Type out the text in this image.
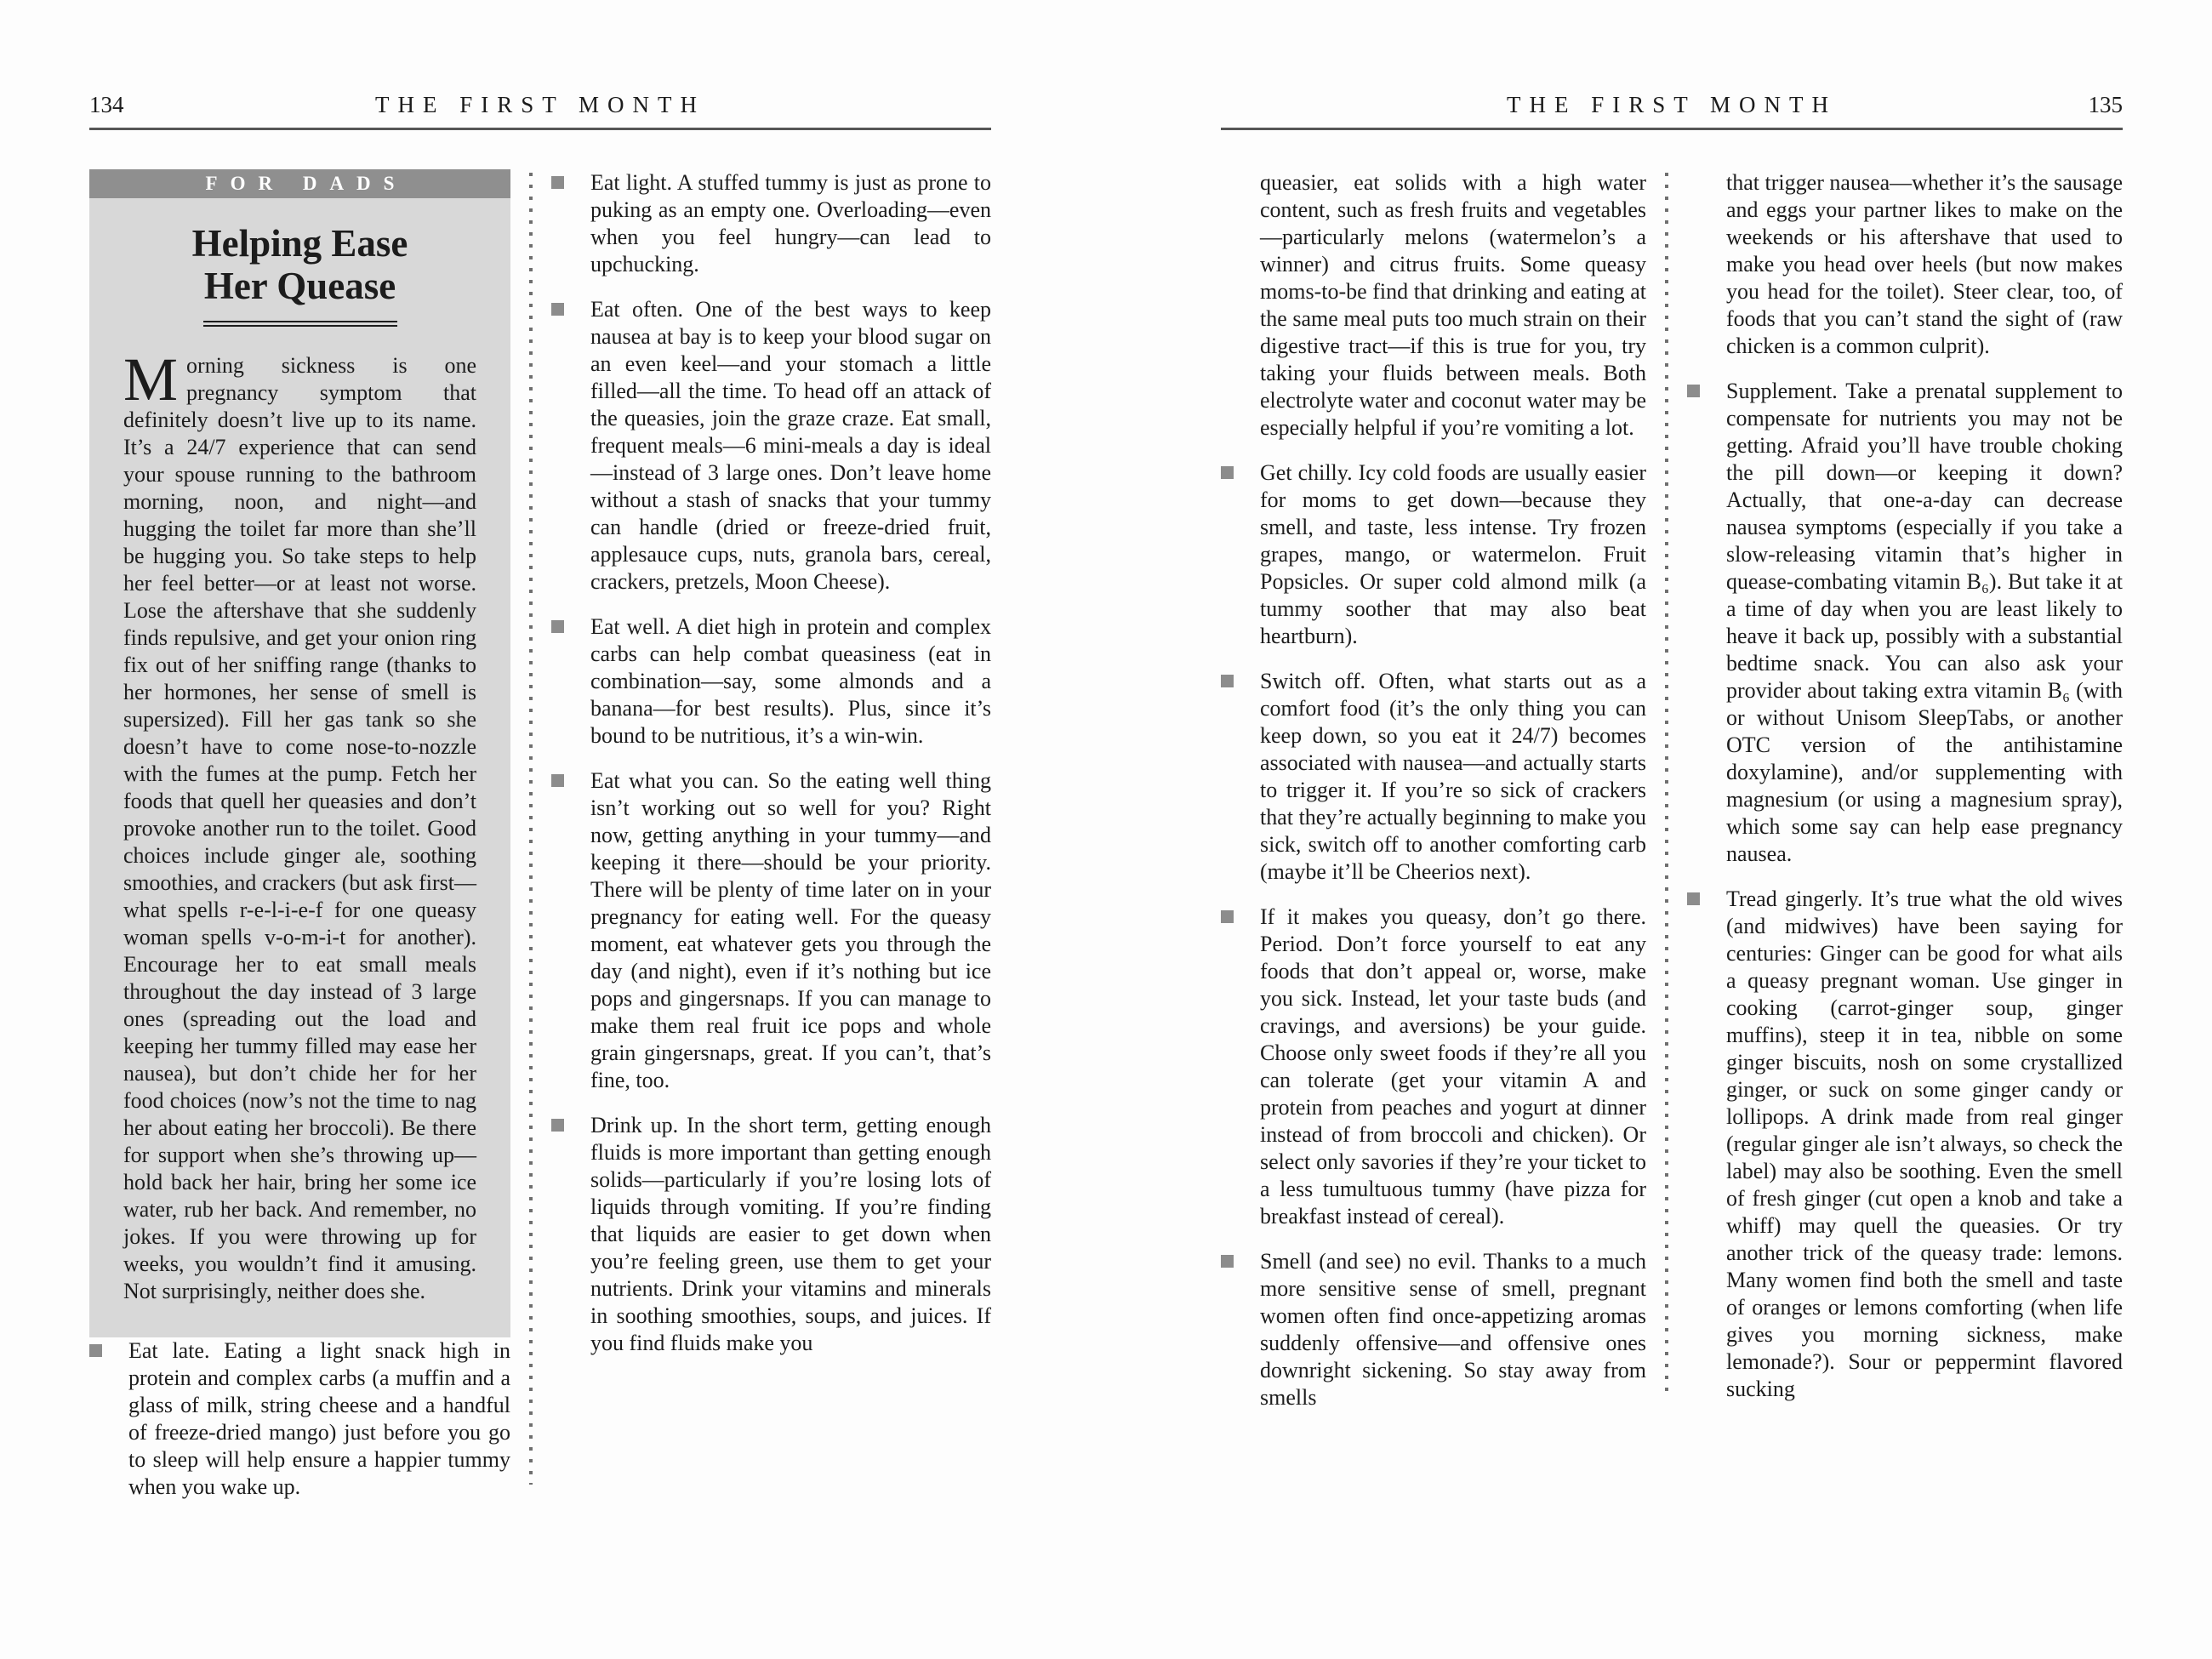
134	THE FIRST MONTH
FOR DADS
Helping Ease
Her Quease

Morning sickness is one pregnancy symptom that definitely doesn’t live up to its name. It’s a 24/7 experience that can send your spouse running to the bathroom morning, noon, and night—and hugging the toilet far more than she’ll be hugging you. So take steps to help her feel better—or at least not worse. Lose the aftershave that she suddenly finds repulsive, and get your onion ring fix out of her sniffing range (thanks to her hormones, her sense of smell is supersized). Fill her gas tank so she doesn’t have to come nose-to-nozzle with the fumes at the pump. Fetch her foods that quell her queasies and don’t provoke another run to the toilet. Good choices include ginger ale, soothing smoothies, and crackers (but ask first—what spells r-e-l-i-e-f for one queasy woman spells v-o-m-i-t for another). Encourage her to eat small meals throughout the day instead of 3 large ones (spreading out the load and keeping her tummy filled may ease her nausea), but don’t chide her for her food choices (now’s not the time to nag her about eating her broccoli). Be there for support when she’s throwing up—hold back her hair, bring her some ice water, rub her back. And remember, no jokes. If you were throwing up for weeks, you wouldn’t find it amusing. Not surprisingly, neither does she.

Eat late. Eating a light snack high in protein and complex carbs (a muffin and a glass of milk, string cheese and a handful of freeze-dried mango) just before you go to sleep will help ensure a happier tummy when you wake up.
Eat light. A stuffed tummy is just as prone to puking as an empty one. Overloading—even when you feel hungry—can lead to upchucking.
Eat often. One of the best ways to keep nausea at bay is to keep your blood sugar on an even keel—and your stomach a little filled—all the time. To head off an attack of the queasies, join the graze craze. Eat small, frequent meals—6 mini-meals a day is ideal—instead of 3 large ones. Don’t leave home without a stash of snacks that your tummy can handle (dried or freeze-dried fruit, applesauce cups, nuts, granola bars, cereal, crackers, pretzels, Moon Cheese).
Eat well. A diet high in protein and complex carbs can help combat queasiness (eat in combination—say, some almonds and a banana—for best results). Plus, since it’s bound to be nutritious, it’s a win-win.
Eat what you can. So the eating well thing isn’t working out so well for you? Right now, getting anything in your tummy—and keeping it there—should be your priority. There will be plenty of time later on in your pregnancy for eating well. For the queasy moment, eat whatever gets you through the day (and night), even if it’s nothing but ice pops and gingersnaps. If you can manage to make them real fruit ice pops and whole grain gingersnaps, great. If you can’t, that’s fine, too.
Drink up. In the short term, getting enough fluids is more important than getting enough solids—particularly if you’re losing lots of liquids through vomiting. If you’re finding that liquids are easier to get down when you’re feeling green, use them to get your nutrients. Drink your vitamins and minerals in soothing smoothies, soups, and juices. If you find fluids make you
THE FIRST MONTH	135

queasier, eat solids with a high water content, such as fresh fruits and vegetables—particularly melons (watermelon’s a winner) and citrus fruits. Some queasy moms-to-be find that drinking and eating at the same meal puts too much strain on their digestive tract—if this is true for you, try taking your fluids between meals. Both electrolyte water and coconut water may be especially helpful if you’re vomiting a lot.

Get chilly. Icy cold foods are usually easier for moms to get down—because they smell, and taste, less intense. Try frozen grapes, mango, or watermelon. Fruit Popsicles. Or super cold almond milk (a tummy soother that may also beat heartburn).
Switch off. Often, what starts out as a comfort food (it’s the only thing you can keep down, so you eat it 24/7) becomes associated with nausea—and actually starts to trigger it. If you’re so sick of crackers that they’re actually beginning to make you sick, switch off to another comforting carb (maybe it’ll be Cheerios next).
If it makes you queasy, don’t go there. Period. Don’t force yourself to eat any foods that don’t appeal or, worse, make you sick. Instead, let your taste buds (and cravings, and aversions) be your guide. Choose only sweet foods if they’re all you can tolerate (get your vitamin A and protein from peaches and yogurt at dinner instead of from broccoli and chicken). Or select only savories if they’re your ticket to a less tumultuous tummy (have pizza for breakfast instead of cereal).
Smell (and see) no evil. Thanks to a much more sensitive sense of smell, pregnant women often find once-appetizing aromas suddenly offensive—and offensive ones downright sickening. So stay away from smells

that trigger nausea—whether it’s the sausage and eggs your partner likes to make on the weekends or his aftershave that used to make you head over heels (but now makes you head for the toilet). Steer clear, too, of foods that you can’t stand the sight of (raw chicken is a common culprit).

Supplement. Take a prenatal supplement to compensate for nutrients you may not be getting. Afraid you’ll have trouble choking the pill down—or keeping it down? Actually, that one-a-day can decrease nausea symptoms (especially if you take a slow-releasing vitamin that’s higher in quease-combating vitamin B₆). But take it at a time of day when you are least likely to heave it back up, possibly with a substantial bedtime snack. You can also ask your provider about taking extra vitamin B₆ (with or without Unisom SleepTabs, or another OTC version of the antihistamine doxylamine), and/or supplementing with magnesium (or using a magnesium spray), which some say can help ease pregnancy nausea.
Tread gingerly. It’s true what the old wives (and midwives) have been saying for centuries: Ginger can be good for what ails a queasy pregnant woman. Use ginger in cooking (carrot-ginger soup, ginger muffins), steep it in tea, nibble on some ginger biscuits, nosh on some crystallized ginger, or suck on some ginger candy or lollipops. A drink made from real ginger (regular ginger ale isn’t always, so check the label) may also be soothing. Even the smell of fresh ginger (cut open a knob and take a whiff) may quell the queasies. Or try another trick of the queasy trade: lemons. Many women find both the smell and taste of oranges or lemons comforting (when life gives you morning sickness, make lemonade?). Sour or peppermint flavored sucking
